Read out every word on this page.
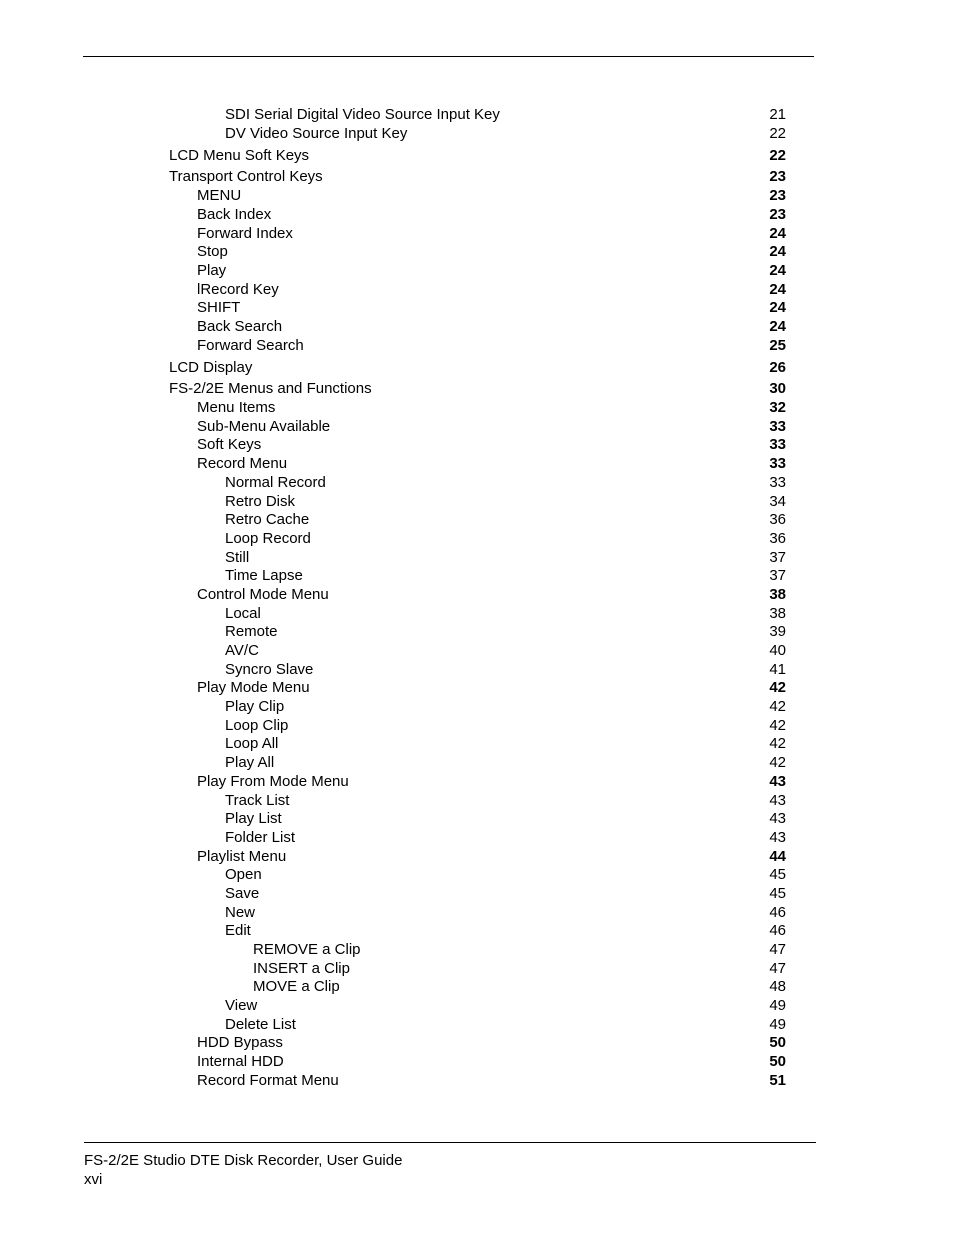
SDI Serial Digital Video Source Input Key	21
DV Video Source Input Key	22
LCD Menu Soft Keys	22
Transport Control Keys	23
MENU	23
Back Index	23
Forward Index	24
Stop	24
Play	24
lRecord Key	24
SHIFT	24
Back Search	24
Forward Search	25
LCD Display	26
FS-2/2E Menus and Functions	30
Menu Items	32
Sub-Menu Available	33
Soft Keys	33
Record Menu	33
Normal Record	33
Retro Disk	34
Retro Cache	36
Loop Record	36
Still	37
Time Lapse	37
Control Mode Menu	38
Local	38
Remote	39
AV/C	40
Syncro Slave	41
Play Mode Menu	42
Play Clip	42
Loop Clip	42
Loop All	42
Play All	42
Play From Mode Menu	43
Track List	43
Play List	43
Folder List	43
Playlist Menu	44
Open	45
Save	45
New	46
Edit	46
REMOVE a Clip	47
INSERT a Clip	47
MOVE a Clip	48
View	49
Delete List	49
HDD Bypass	50
Internal HDD	50
Record Format Menu	51
FS-2/2E Studio DTE Disk Recorder, User Guide
xvi
